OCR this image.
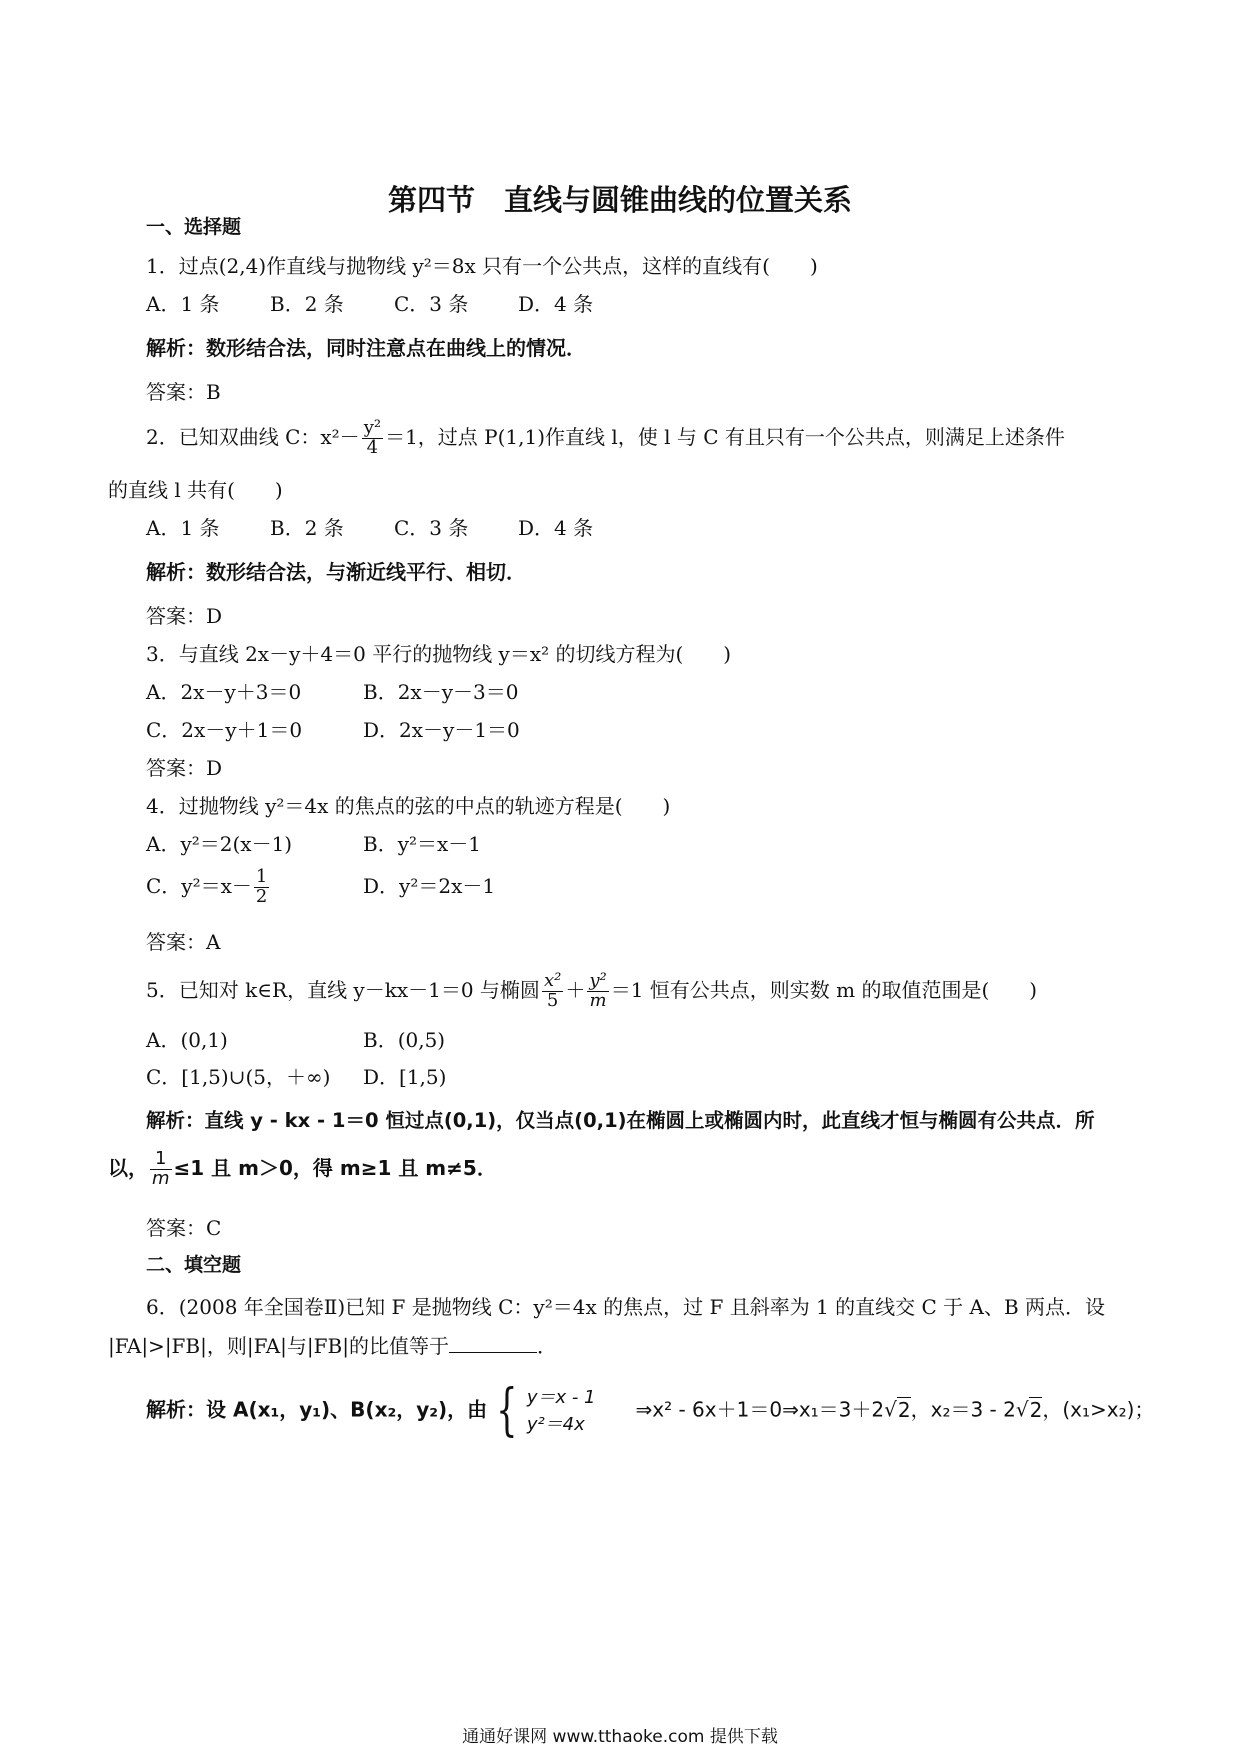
第四节　直线与圆锥曲线的位置关系
一、选择题
1．过点(2,4)作直线与抛物线 y²＝8x 只有一个公共点，这样的直线有(　　)
A．1 条	B．2 条	C．3 条 D．4 条
解析：数形结合法，同时注意点在曲线上的情况．
答案：B
2．已知双曲线 C：$x^2- \frac{\text{y²}}{4} =1$，过点 P(1,1)作直线 l，使 l 与 C 有且只有一个公共点，则满足上述条件
的直线 l 共有(　　)
A．1 条	B．2 条	C．3 条 D．4 条
解析：数形结合法，与渐近线平行、相切．
答案：D
3．与直线 2x－y＋4＝0 平行的抛物线 y＝x² 的切线方程为(　　)
A．2x－y＋3＝0	B．2x－y－3＝0
C．2x－y＋1＝0	D．2x－y－1＝0
答案：D
4．过抛物线 y²＝4x 的焦点的弦的中点的轨迹方程是(　　)
A．y²＝2(x－1)	B．y²＝x－1
C．$y^2=x- \frac{1}{2}$	D．y²＝2x－1
答案：A
5．已知对 k∈R，直线 y－kx－1＝0 与椭圆 $\frac{\text{x²}}{5} + \frac{\text{y²}}{m} =1$ 恒有公共点，则实数 m 的取值范围是(　　)
A．(0,1)	B．(0,5)
C．[1,5)∪(5，＋∞) D．[1,5)
解析：直线 y - kx - 1＝0 恒过点(0,1)，仅当点(0,1)在椭圆上或椭圆内时，此直线才恒与椭圆有公共点．所
以， $\frac{1}{m} \le 1$ 且 m＞0，得 m≥1 且 m≠5．
答案：C
二、填空题
6．(2008 年全国卷Ⅱ)已知 F 是抛物线 C：y²＝4x 的焦点，过 F 且斜率为 1 的直线交 C 于 A、B 两点．设
|FA|>|FB|，则|FA|与|FB|的比值等于	．
解析：设 A(x₁，y₁)、B(x₂，y₂)，由 { y＝x - 1
y²＝4x
⇒x² - 6x＋1＝0⇒x₁＝3＋2√2，x₂＝3 - 2√2，(x₁>x₂)；
通通好课网 www.tthaoke.com 提供下载
